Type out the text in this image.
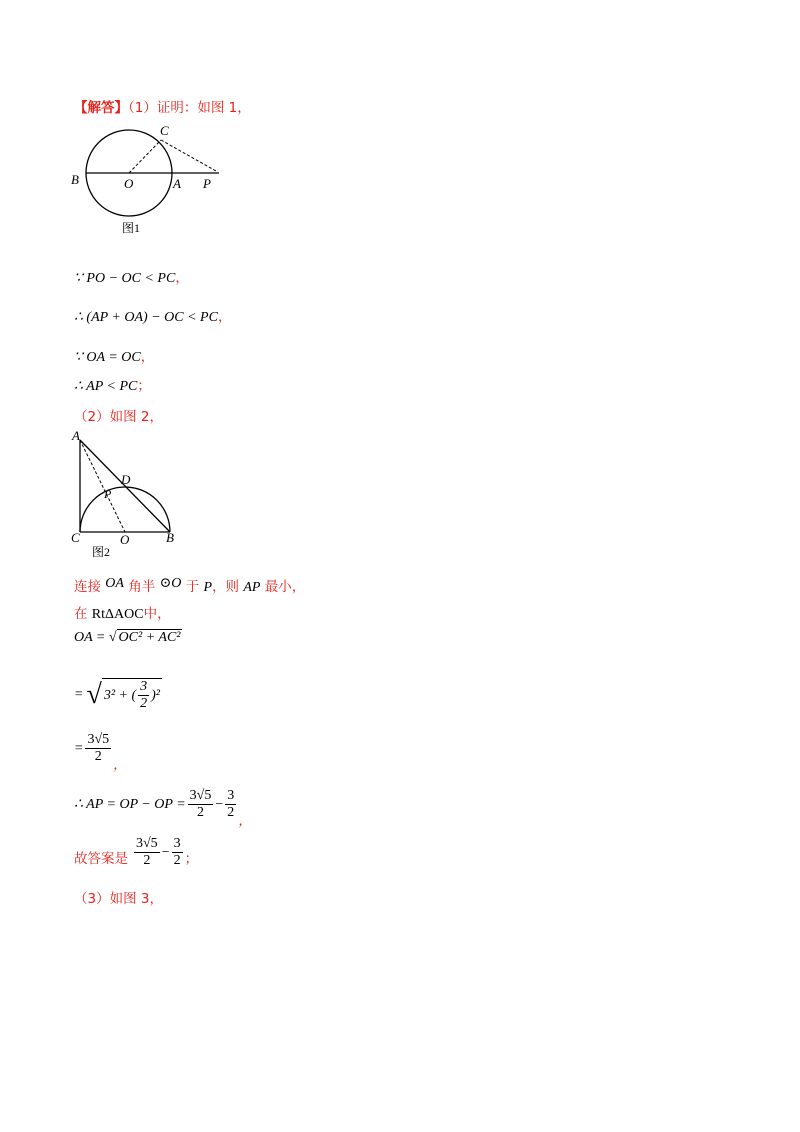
【解答】（1）证明：如图 1，
B	O	A P
C
图1
∵ PO − OC < PC，
∴ (AP + OA) − OC < PC，
∵ OA = OC，
∴ AP < PC；
（2）如图 2，
A
D
P
C	O	B
图2
连接 OA 角半 ⊙O 于 P，则 AP 最小，
在 RtΔAOC中，
OA = √ OC² + AC²
= √ 3² + ( $\frac{3}{2} )^2$
= $\frac{3√5}{2}$ ，
∴ AP = OP − OP = $\frac{3√5}{2} - \frac{3}{2}$ ，
故答案是 $\frac{3√5}{2} - \frac{3}{2}$ ；
（3）如图 3，
